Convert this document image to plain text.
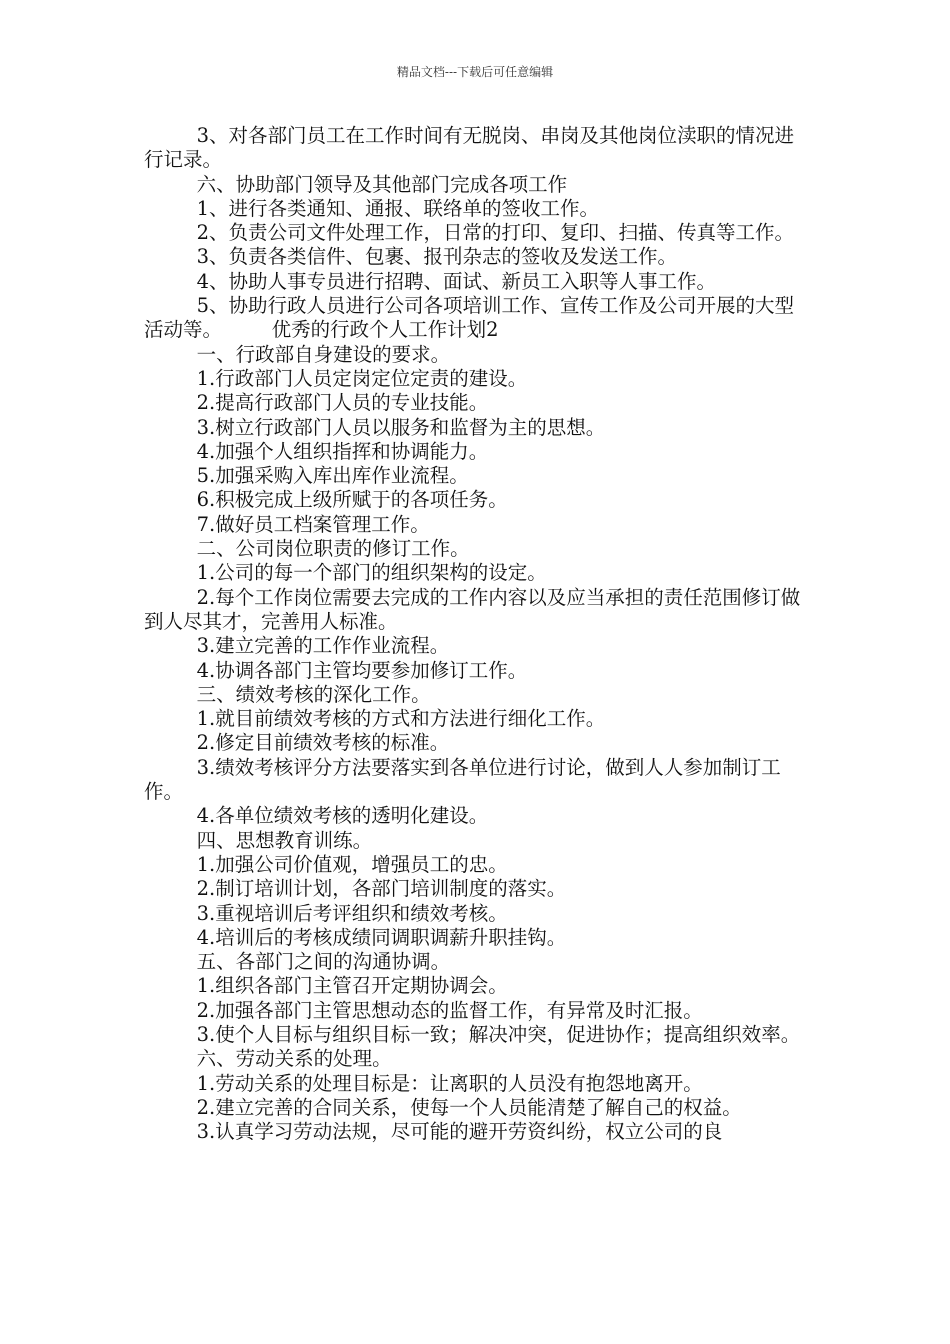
精品文档---下载后可任意编辑

3、对各部门员工在工作时间有无脱岗、串岗及其他岗位渎职的情况进行记录。

六、协助部门领导及其他部门完成各项工作

1、进行各类通知、通报、联络单的签收工作。

2、负责公司文件处理工作，日常的打印、复印、扫描、传真等工作。

3、负责各类信件、包裹、报刊杂志的签收及发送工作。

4、协助人事专员进行招聘、面试、新员工入职等人事工作。

5、协助行政人员进行公司各项培训工作、宣传工作及公司开展的大型活动等。        优秀的行政个人工作计划2

一、行政部自身建设的要求。

1.行政部门人员定岗定位定责的建设。

2.提高行政部门人员的专业技能。

3.树立行政部门人员以服务和监督为主的思想。

4.加强个人组织指挥和协调能力。

5.加强采购入库出库作业流程。

6.积极完成上级所赋于的各项任务。

7.做好员工档案管理工作。

二、公司岗位职责的修订工作。

1.公司的每一个部门的组织架构的设定。

2.每个工作岗位需要去完成的工作内容以及应当承担的责任范围修订做到人尽其才，完善用人标准。

3.建立完善的工作作业流程。

4.协调各部门主管均要参加修订工作。

三、绩效考核的深化工作。

1.就目前绩效考核的方式和方法进行细化工作。

2.修定目前绩效考核的标准。

3.绩效考核评分方法要落实到各单位进行讨论，做到人人参加制订工作。

4.各单位绩效考核的透明化建设。

四、思想教育训练。

1.加强公司价值观，增强员工的忠。

2.制订培训计划，各部门培训制度的落实。

3.重视培训后考评组织和绩效考核。

4.培训后的考核成绩同调职调薪升职挂钩。

五、各部门之间的沟通协调。

1.组织各部门主管召开定期协调会。

2.加强各部门主管思想动态的监督工作，有异常及时汇报。

3.使个人目标与组织目标一致；解决冲突，促进协作；提高组织效率。

六、劳动关系的处理。

1.劳动关系的处理目标是：让离职的人员没有抱怨地离开。

2.建立完善的合同关系，使每一个人员能清楚了解自己的权益。

3.认真学习劳动法规，尽可能的避开劳资纠纷，权立公司的良
